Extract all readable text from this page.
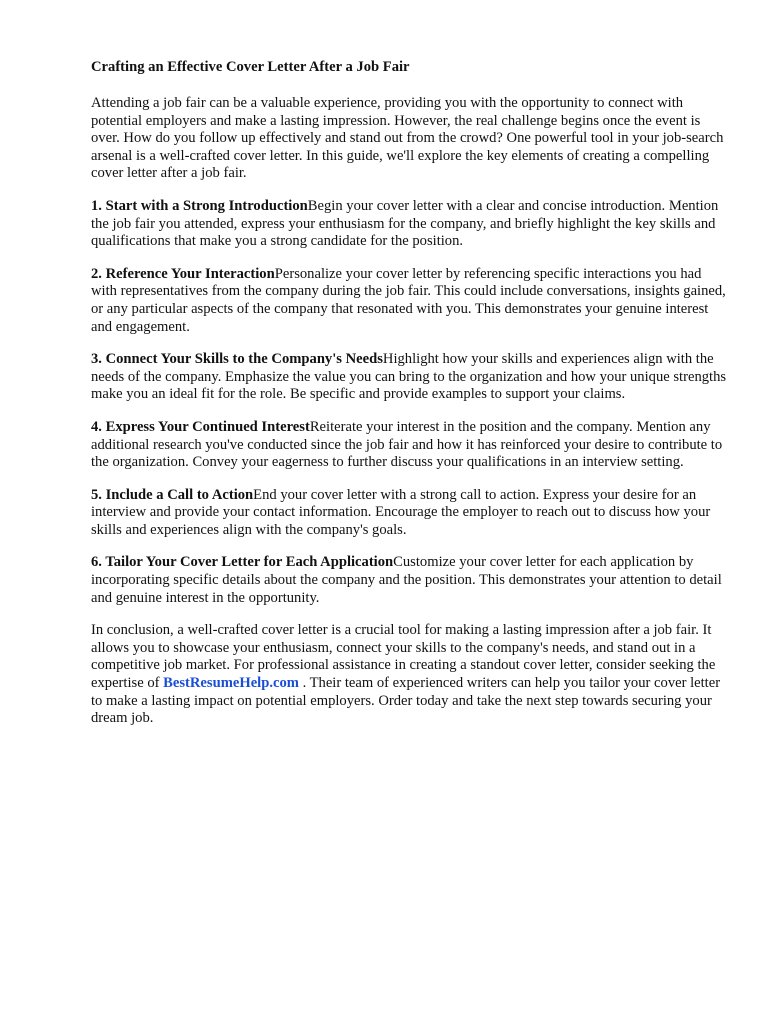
Crafting an Effective Cover Letter After a Job Fair

Attending a job fair can be a valuable experience, providing you with the opportunity to connect with potential employers and make a lasting impression. However, the real challenge begins once the event is over. How do you follow up effectively and stand out from the crowd? One powerful tool in your job-search arsenal is a well-crafted cover letter. In this guide, we'll explore the key elements of creating a compelling cover letter after a job fair.

1. Start with a Strong IntroductionBegin your cover letter with a clear and concise introduction. Mention the job fair you attended, express your enthusiasm for the company, and briefly highlight the key skills and qualifications that make you a strong candidate for the position.

2. Reference Your InteractionPersonalize your cover letter by referencing specific interactions you had with representatives from the company during the job fair. This could include conversations, insights gained, or any particular aspects of the company that resonated with you. This demonstrates your genuine interest and engagement.

3. Connect Your Skills to the Company's NeedsHighlight how your skills and experiences align with the needs of the company. Emphasize the value you can bring to the organization and how your unique strengths make you an ideal fit for the role. Be specific and provide examples to support your claims.

4. Express Your Continued InterestReiterate your interest in the position and the company. Mention any additional research you've conducted since the job fair and how it has reinforced your desire to contribute to the organization. Convey your eagerness to further discuss your qualifications in an interview setting.

5. Include a Call to ActionEnd your cover letter with a strong call to action. Express your desire for an interview and provide your contact information. Encourage the employer to reach out to discuss how your skills and experiences align with the company's goals.

6. Tailor Your Cover Letter for Each ApplicationCustomize your cover letter for each application by incorporating specific details about the company and the position. This demonstrates your attention to detail and genuine interest in the opportunity.

In conclusion, a well-crafted cover letter is a crucial tool for making a lasting impression after a job fair. It allows you to showcase your enthusiasm, connect your skills to the company's needs, and stand out in a competitive job market. For professional assistance in creating a standout cover letter, consider seeking the expertise of BestResumeHelp.com . Their team of experienced writers can help you tailor your cover letter to make a lasting impact on potential employers. Order today and take the next step towards securing your dream job.
